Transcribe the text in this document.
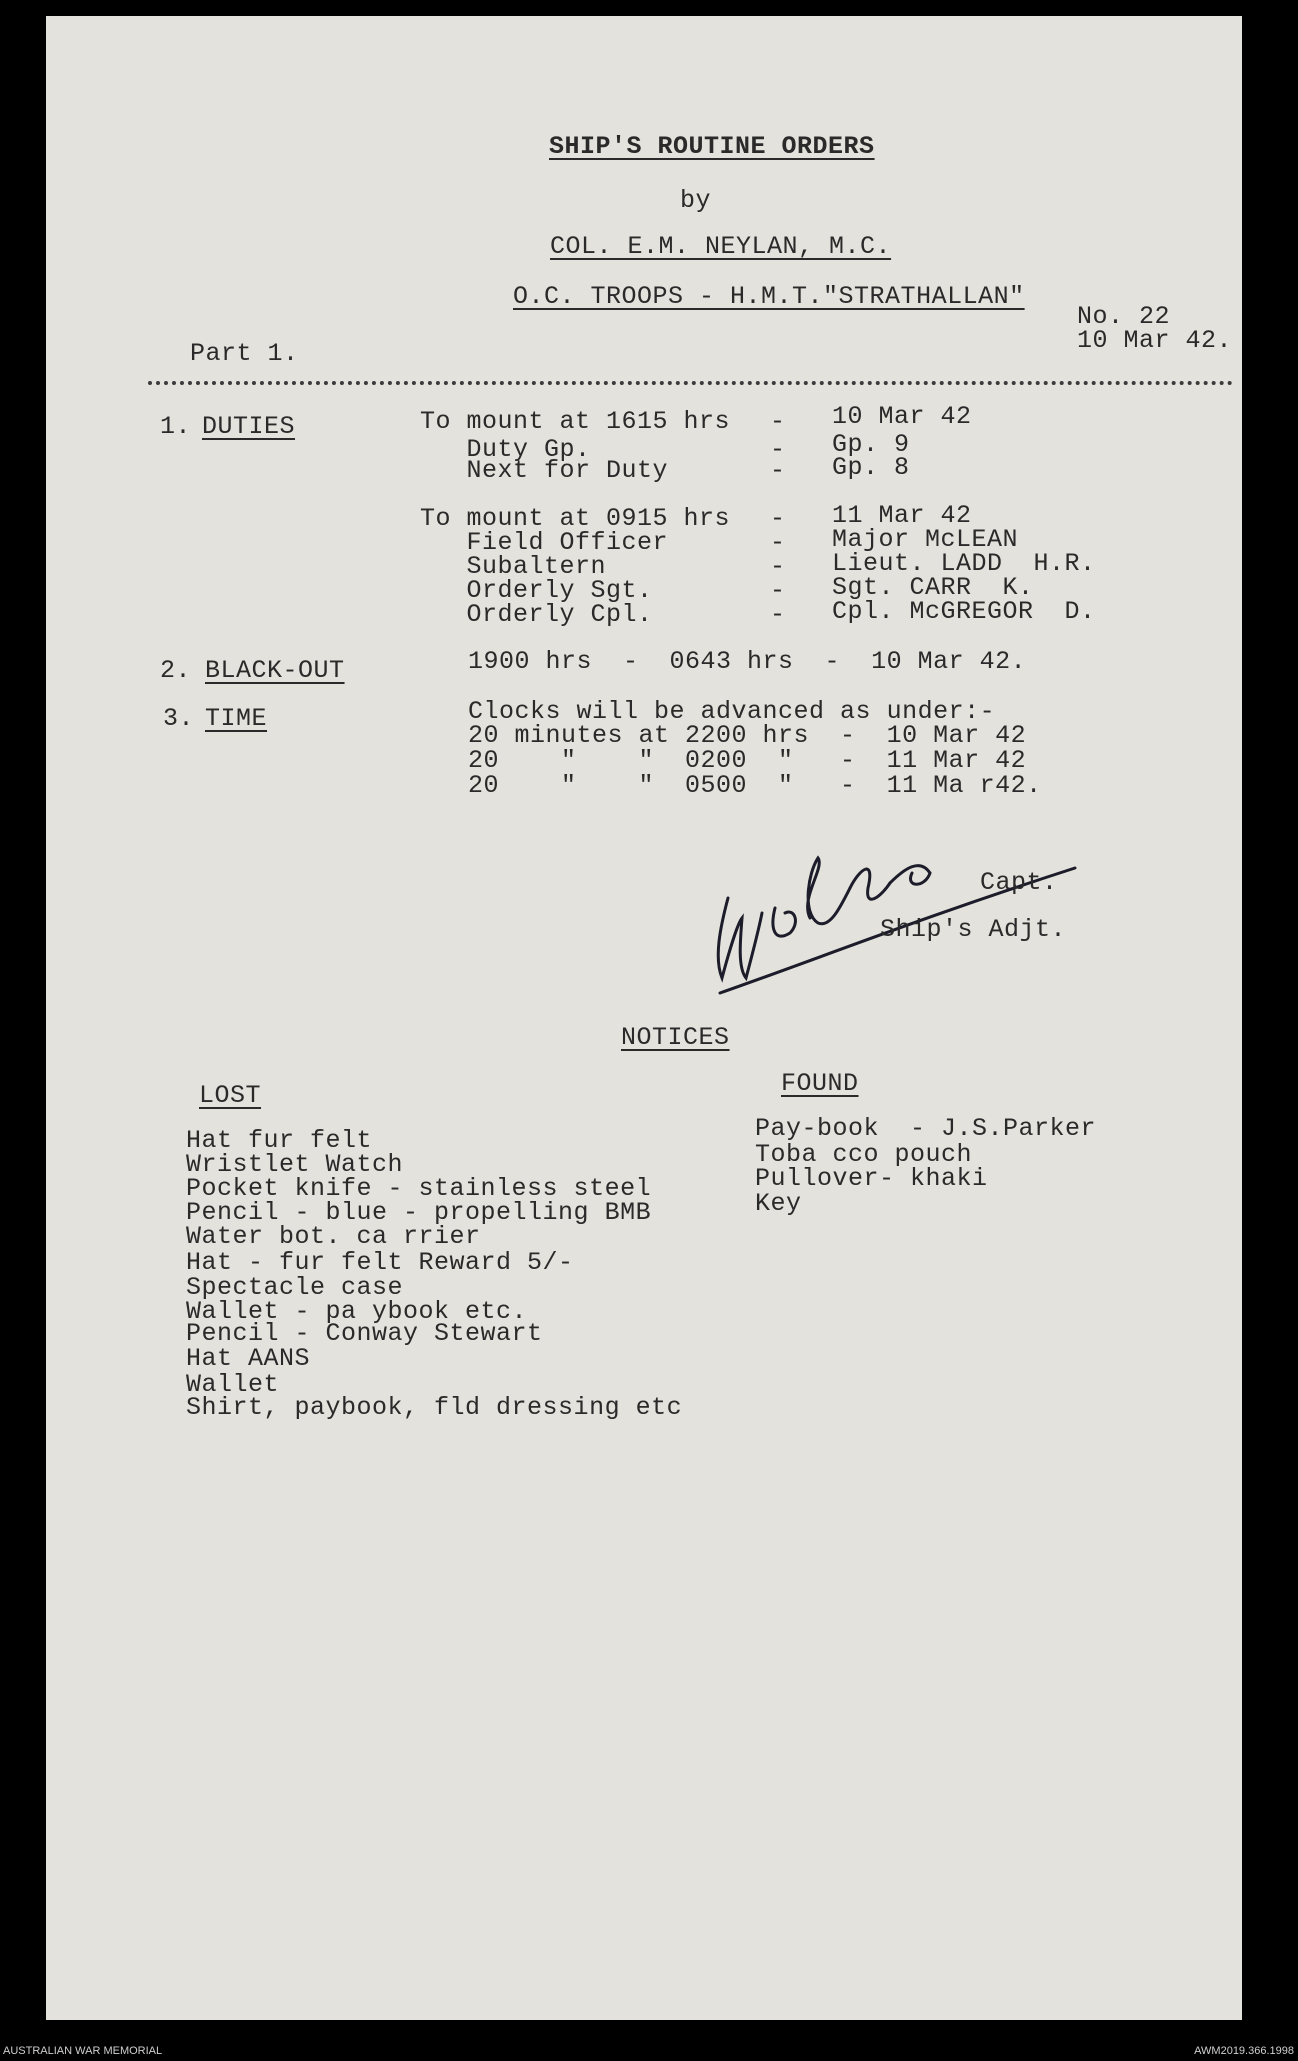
SHIP'S ROUTINE ORDERS
by
COL. E.M. NEYLAN, M.C.
O.C. TROOPS - H.M.T."STRATHALLAN"
No. 22
10 Mar 42.
Part 1.
1. DUTIES	To mount at 1615 hrs - 10 Mar 42
Duty Gp.	- Gp. 9
Next for Duty	- Gp. 8
To mount at 0915 hrs - 11 Mar 42
Field Officer	- Major McLEAN
Subaltern	- Lieut. LADD  H.R.
Orderly Sgt.	- Sgt. CARR  K.
Orderly Cpl.	- Cpl. McGREGOR  D.
2. BLACK-OUT	1900 hrs  -  0643 hrs  -  10 Mar 42.
3. TIME	Clocks will be advanced as under:-
20 minutes at 2200 hrs  -  10 Mar 42
20    "    "  0200  "   -  11 Mar 42
20    "    "  0500  "   -  11 Ma r42.
Capt.
Ship's Adjt.
NOTICES
LOST	FOUND
Hat fur felt
Wristlet Watch
Pocket knife - stainless steel
Pencil - blue - propelling BMB
Water bot. ca rrier
Hat - fur felt Reward 5/-
Spectacle case
Wallet - pa ybook etc.
Pencil - Conway Stewart
Hat AANS
Wallet
Shirt, paybook, fld dressing etc
Pay-book  - J.S.Parker
Toba cco pouch
Pullover- khaki
Key
AUSTRALIAN WAR MEMORIAL	AWM2019.366.1998
